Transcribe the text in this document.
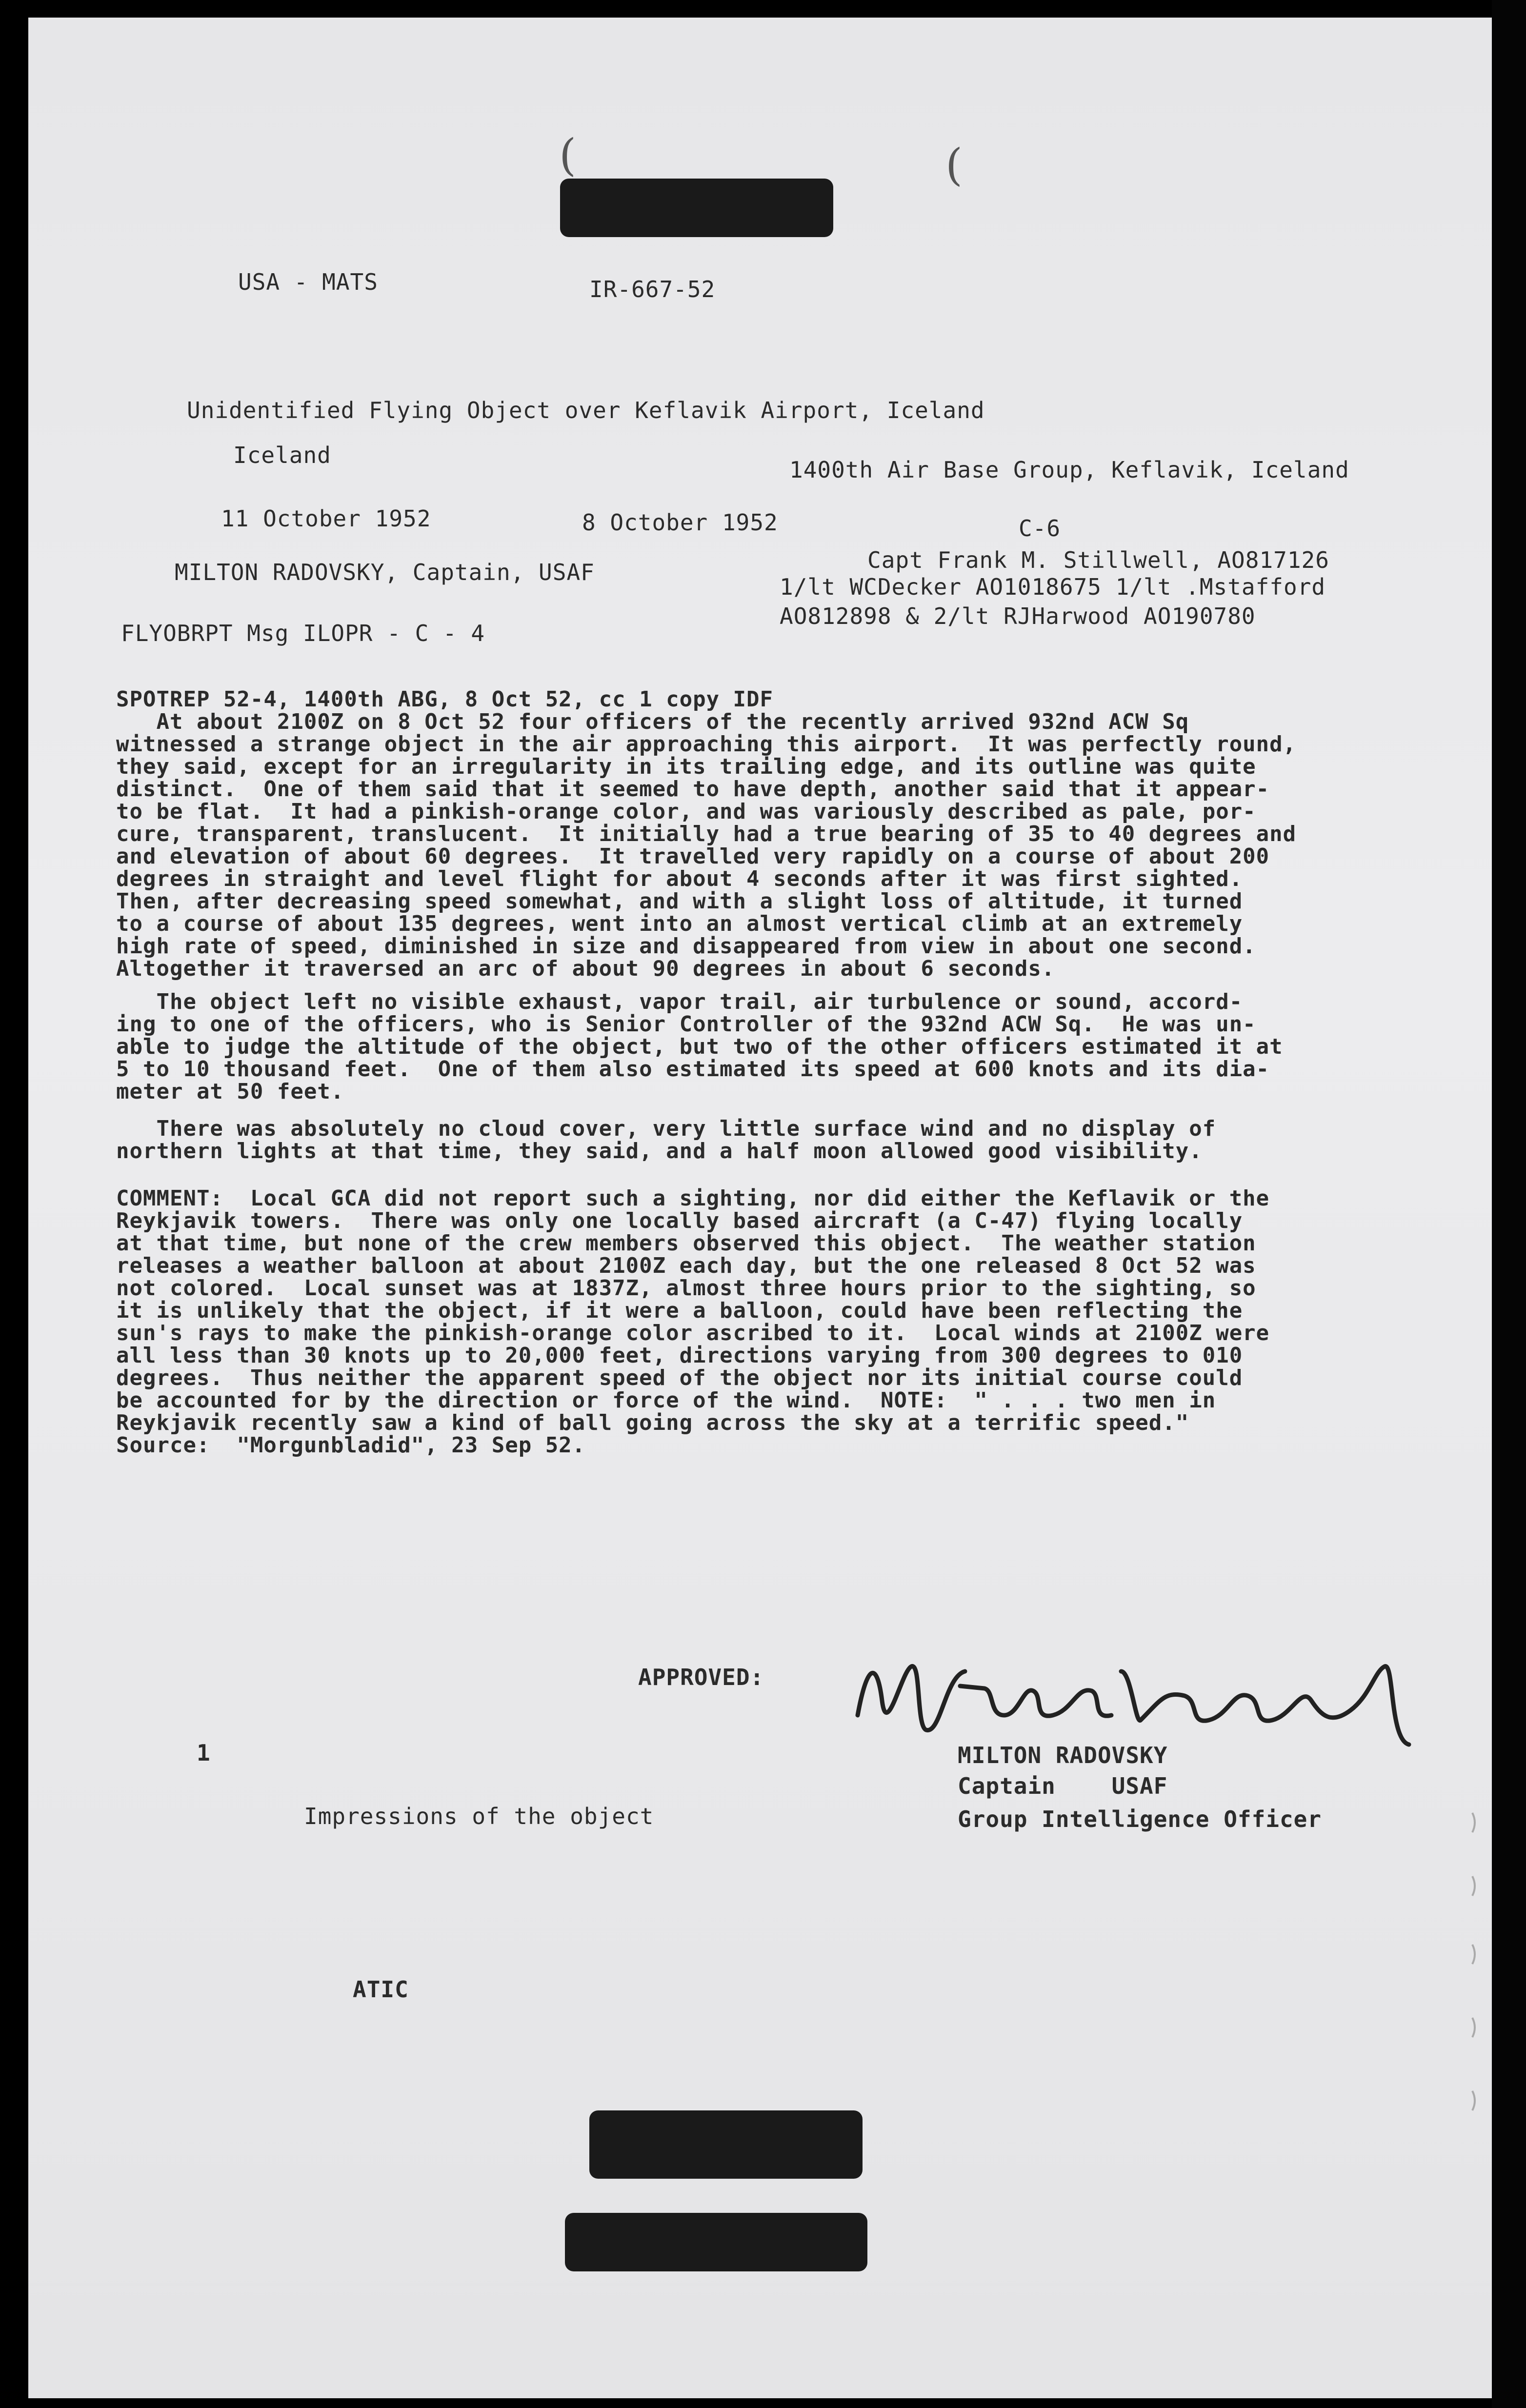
(	(

USA - MATS	IR-667-52

Unidentified Flying Object over Keflavik Airport, Iceland

Iceland

1400th Air Base Group, Keflavik, Iceland

11 October 1952	8 October 1952	C-6

MILTON RADOVSKY, Captain, USAF	Capt Frank M. Stillwell, AO817126

1/lt WCDecker AO1018675 1/lt .Mstafford

AO812898 & 2/lt RJHarwood AO190780

FLYOBRPT Msg ILOPR - C - 4

SPOTREP 52-4, 1400th ABG, 8 Oct 52, cc 1 copy IDF

At about 2100Z on 8 Oct 52 four officers of the recently arrived 932nd ACW Sq

witnessed a strange object in the air approaching this airport.  It was perfectly round,

they said, except for an irregularity in its trailing edge, and its outline was quite

distinct.  One of them said that it seemed to have depth, another said that it appear-

to be flat.  It had a pinkish-orange color, and was variously described as pale, por-

cure, transparent, translucent.  It initially had a true bearing of 35 to 40 degrees and

and elevation of about 60 degrees.  It travelled very rapidly on a course of about 200

degrees in straight and level flight for about 4 seconds after it was first sighted.

Then, after decreasing speed somewhat, and with a slight loss of altitude, it turned

to a course of about 135 degrees, went into an almost vertical climb at an extremely

high rate of speed, diminished in size and disappeared from view in about one second.

Altogether it traversed an arc of about 90 degrees in about 6 seconds.

The object left no visible exhaust, vapor trail, air turbulence or sound, accord-

ing to one of the officers, who is Senior Controller of the 932nd ACW Sq.  He was un-

able to judge the altitude of the object, but two of the other officers estimated it at

5 to 10 thousand feet.  One of them also estimated its speed at 600 knots and its dia-

meter at 50 feet.

There was absolutely no cloud cover, very little surface wind and no display of

northern lights at that time, they said, and a half moon allowed good visibility.

COMMENT:  Local GCA did not report such a sighting, nor did either the Keflavik or the

Reykjavik towers.  There was only one locally based aircraft (a C-47) flying locally

at that time, but none of the crew members observed this object.  The weather station

releases a weather balloon at about 2100Z each day, but the one released 8 Oct 52 was

not colored.  Local sunset was at 1837Z, almost three hours prior to the sighting, so

it is unlikely that the object, if it were a balloon, could have been reflecting the

sun's rays to make the pinkish-orange color ascribed to it.  Local winds at 2100Z were

all less than 30 knots up to 20,000 feet, directions varying from 300 degrees to 010

degrees.  Thus neither the apparent speed of the object nor its initial course could

be accounted for by the direction or force of the wind.  NOTE:  " . . . two men in

Reykjavik recently saw a kind of ball going across the sky at a terrific speed."

Source:  "Morgunbladid", 23 Sep 52.

APPROVED:

Milton Radovsky MILTON RADOVSKY

Captain    USAF

Group Intelligence Officer

1

Impressions of the object

ATIC
